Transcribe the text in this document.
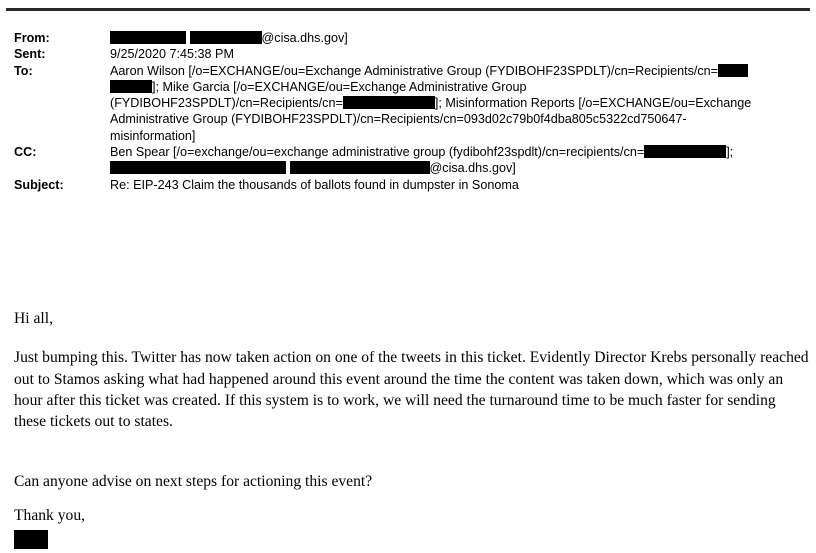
From:	@cisa.dhs.gov]
Sent:	9/25/2020 7:45:38 PM
To:	Aaron Wilson [/o=EXCHANGE/ou=Exchange Administrative Group (FYDIBOHF23SPDLT)/cn=Recipients/cn=
]; Mike Garcia [/o=EXCHANGE/ou=Exchange Administrative Group
(FYDIBOHF23SPDLT)/cn=Recipients/cn=	]; Misinformation Reports [/o=EXCHANGE/ou=Exchange
Administrative Group (FYDIBOHF23SPDLT)/cn=Recipients/cn=093d02c79b0f4dba805c5322cd750647-
misinformation]
CC:	Ben Spear [/o=exchange/ou=exchange administrative group (fydibohf23spdlt)/cn=recipients/cn=	];
@cisa.dhs.gov]
Subject:	Re: EIP-243 Claim the thousands of ballots found in dumpster in Sonoma

Hi all,

Just bumping this. Twitter has now taken action on one of the tweets in this ticket. Evidently Director Krebs personally reached out to Stamos asking what had happened around this event around the time the content was taken down, which was only an hour after this ticket was created. If this system is to work, we will need the turnaround time to be much faster for sending these tickets out to states.

Can anyone advise on next steps for actioning this event?

Thank you,
